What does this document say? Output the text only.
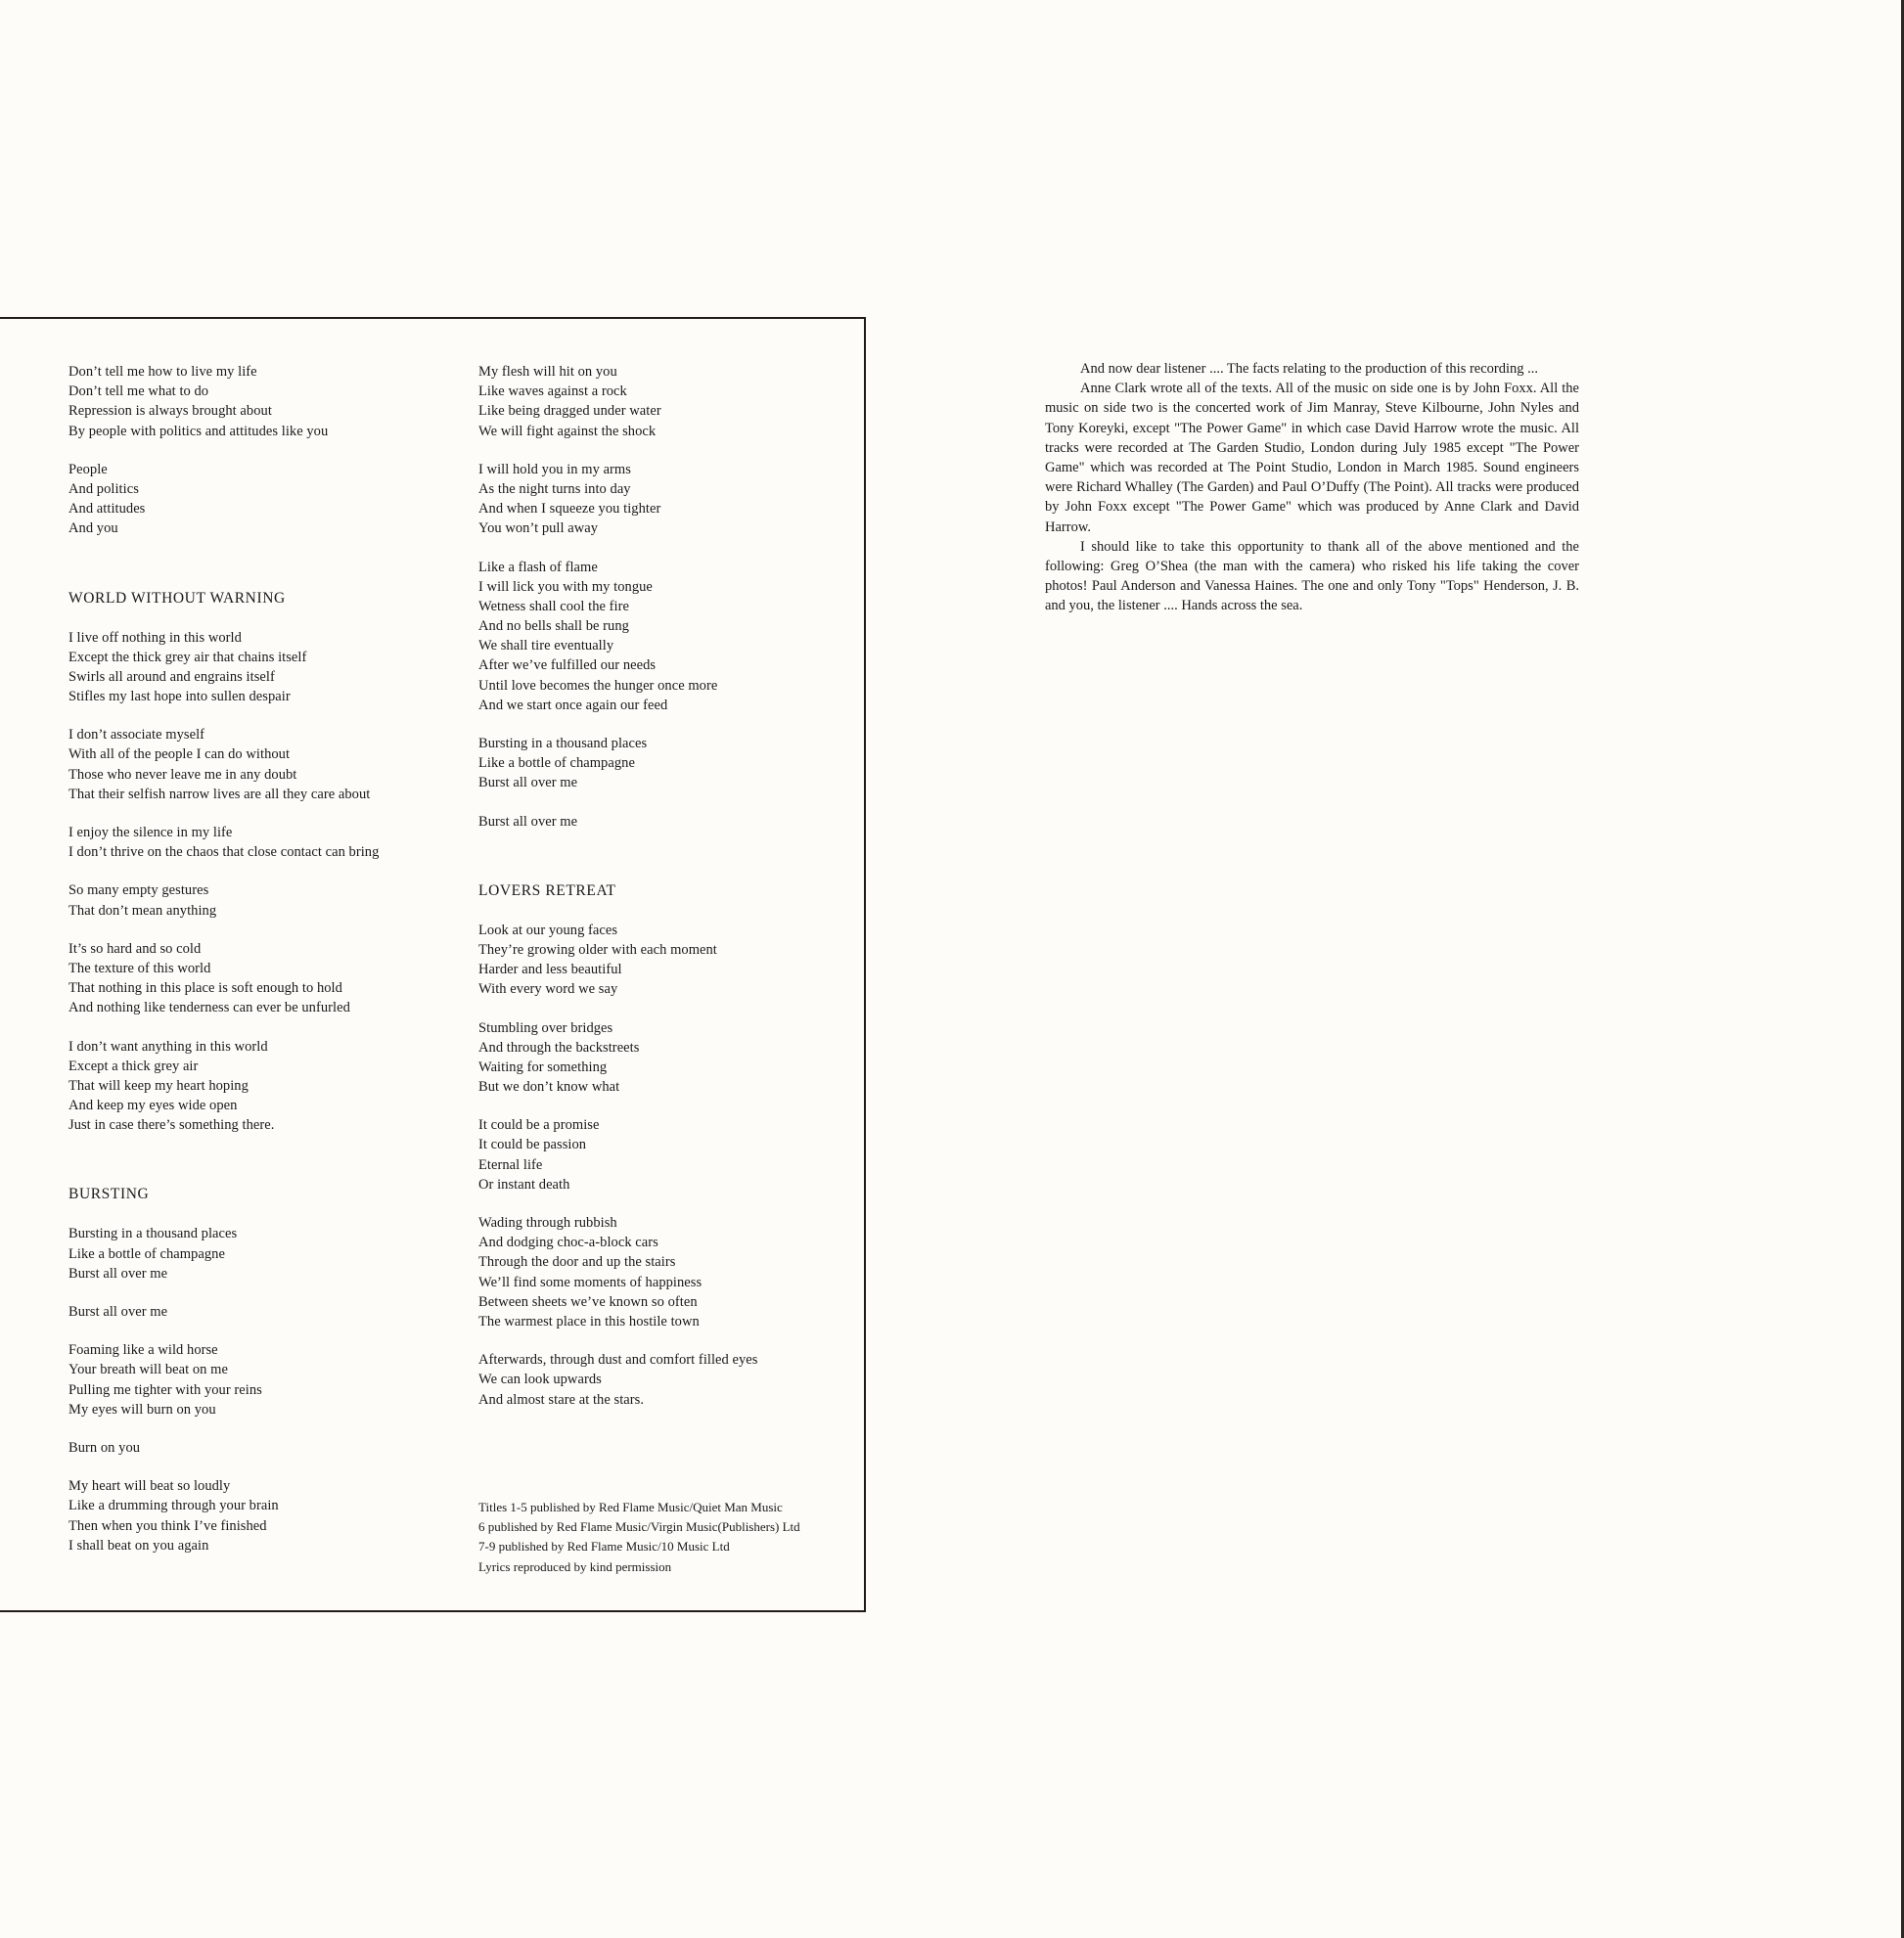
Don’t tell me how to live my life
Don’t tell me what to do
Repression is always brought about
By people with politics and attitudes like you
People
And politics
And attitudes
And you
WORLD WITHOUT WARNING
I live off nothing in this world
Except the thick grey air that chains itself
Swirls all around and engrains itself
Stifles my last hope into sullen despair
I don’t associate myself
With all of the people I can do without
Those who never leave me in any doubt
That their selfish narrow lives are all they care about
I enjoy the silence in my life
I don’t thrive on the chaos that close contact can bring
So many empty gestures
That don’t mean anything
It’s so hard and so cold
The texture of this world
That nothing in this place is soft enough to hold
And nothing like tenderness can ever be unfurled
I don’t want anything in this world
Except a thick grey air
That will keep my heart hoping
And keep my eyes wide open
Just in case there’s something there.
BURSTING
Bursting in a thousand places
Like a bottle of champagne
Burst all over me
Burst all over me
Foaming like a wild horse
Your breath will beat on me
Pulling me tighter with your reins
My eyes will burn on you
Burn on you
My heart will beat so loudly
Like a drumming through your brain
Then when you think I’ve finished
I shall beat on you again
My flesh will hit on you
Like waves against a rock
Like being dragged under water
We will fight against the shock
I will hold you in my arms
As the night turns into day
And when I squeeze you tighter
You won’t pull away
Like a flash of flame
I will lick you with my tongue
Wetness shall cool the fire
And no bells shall be rung
We shall tire eventually
After we’ve fulfilled our needs
Until love becomes the hunger once more
And we start once again our feed
Bursting in a thousand places
Like a bottle of champagne
Burst all over me
Burst all over me
LOVERS RETREAT
Look at our young faces
They’re growing older with each moment
Harder and less beautiful
With every word we say
Stumbling over bridges
And through the backstreets
Waiting for something
But we don’t know what
It could be a promise
It could be passion
Eternal life
Or instant death
Wading through rubbish
And dodging choc-a-block cars
Through the door and up the stairs
We’ll find some moments of happiness
Between sheets we’ve known so often
The warmest place in this hostile town
Afterwards, through dust and comfort filled eyes
We can look upwards
And almost stare at the stars.
Titles 1-5 published by Red Flame Music/Quiet Man Music
6 published by Red Flame Music/Virgin Music(Publishers) Ltd
7-9 published by Red Flame Music/10 Music Ltd
Lyrics reproduced by kind permission

And now dear listener .... The facts relating to the production of this recording ...

Anne Clark wrote all of the texts. All of the music on side one is by John Foxx. All the music on side two is the concerted work of Jim Manray, Steve Kilbourne, John Nyles and Tony Koreyki, except "The Power Game" in which case David Harrow wrote the music. All tracks were recorded at The Garden Studio, London during July 1985 except "The Power Game" which was recorded at The Point Studio, London in March 1985. Sound engineers were Richard Whalley (The Garden) and Paul O’Duffy (The Point). All tracks were produced by John Foxx except "The Power Game" which was produced by Anne Clark and David Harrow.

I should like to take this opportunity to thank all of the above mentioned and the following: Greg O’Shea (the man with the camera) who risked his life taking the cover photos! Paul Anderson and Vanessa Haines. The one and only Tony "Tops" Henderson, J. B. and you, the listener .... Hands across the sea.
